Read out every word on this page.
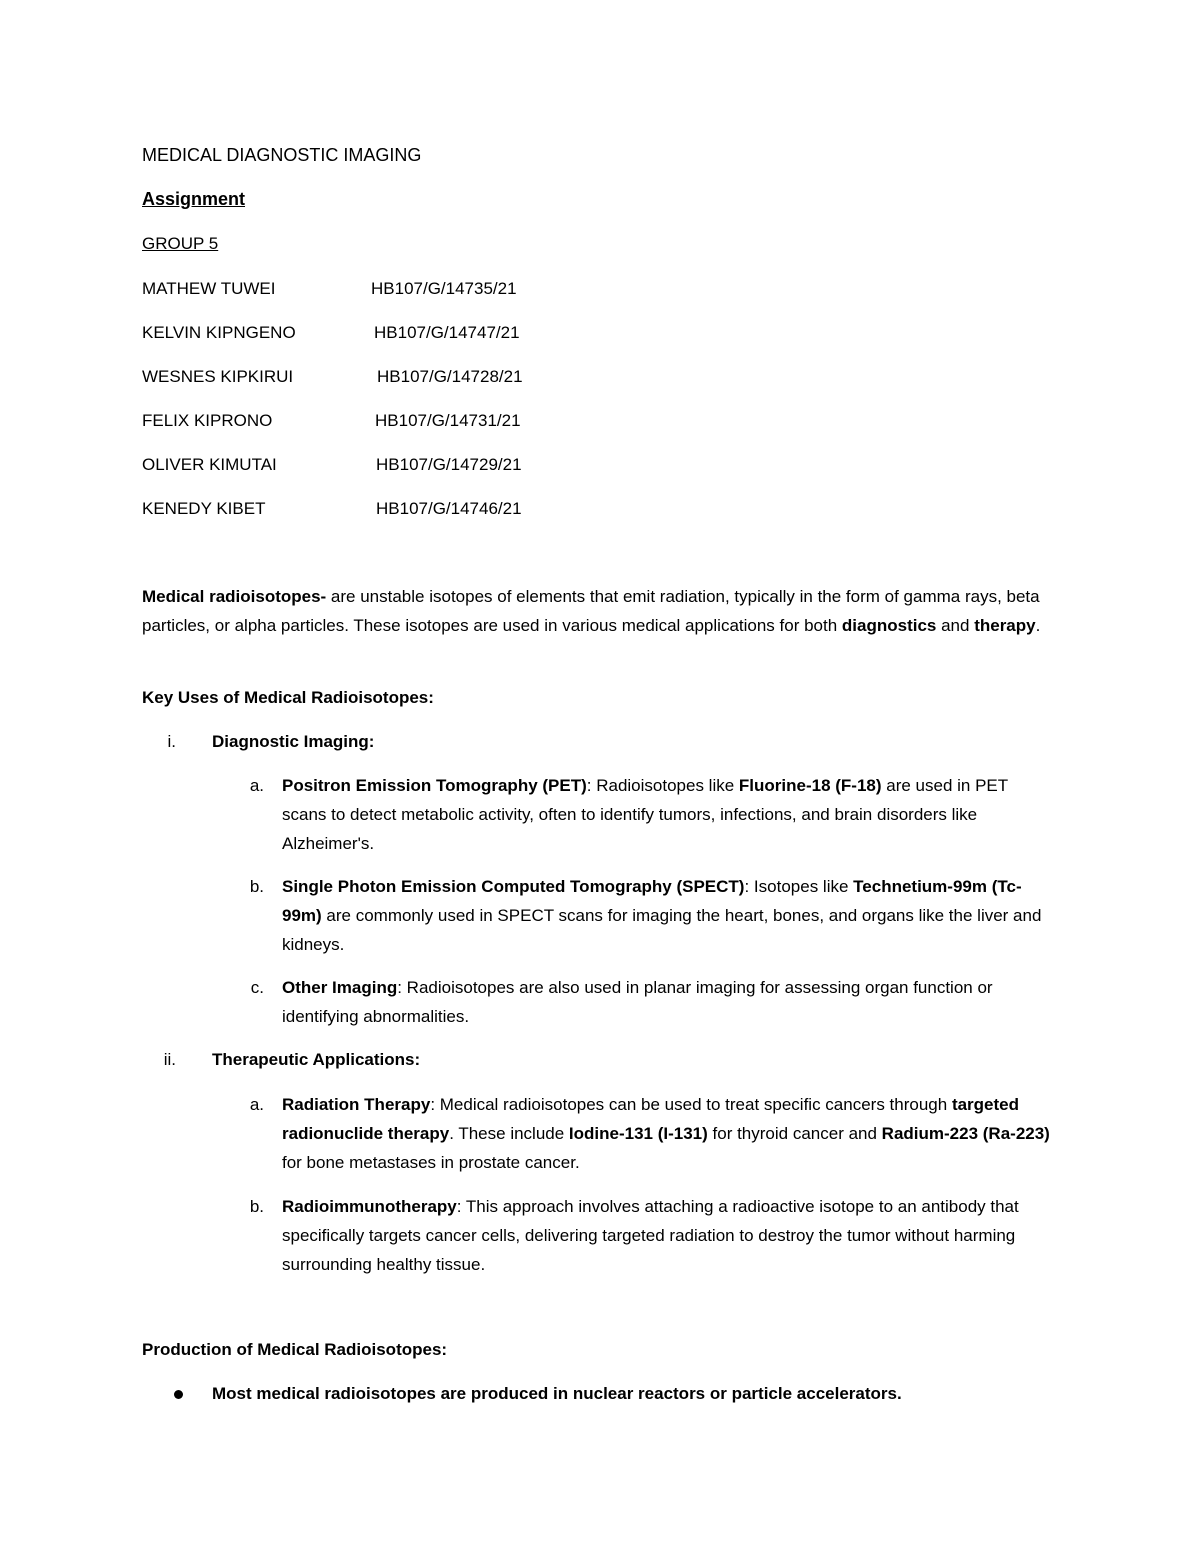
MEDICAL DIAGNOSTIC IMAGING
Assignment
GROUP 5
MATHEW TUWEI	HB107/G/14735/21
KELVIN KIPNGENO	HB107/G/14747/21
WESNES KIPKIRUI	HB107/G/14728/21
FELIX KIPRONO	HB107/G/14731/21
OLIVER KIMUTAI	HB107/G/14729/21
KENEDY KIBET	HB107/G/14746/21
Medical radioisotopes- are unstable isotopes of elements that emit radiation, typically in the form of gamma rays, beta particles, or alpha particles. These isotopes are used in various medical applications for both diagnostics and therapy.
Key Uses of Medical Radioisotopes:
i. Diagnostic Imaging:
a. Positron Emission Tomography (PET): Radioisotopes like Fluorine-18 (F-18) are used in PET scans to detect metabolic activity, often to identify tumors, infections, and brain disorders like Alzheimer's.
b. Single Photon Emission Computed Tomography (SPECT): Isotopes like Technetium-99m (Tc-99m) are commonly used in SPECT scans for imaging the heart, bones, and organs like the liver and kidneys.
c. Other Imaging: Radioisotopes are also used in planar imaging for assessing organ function or identifying abnormalities.
ii. Therapeutic Applications:
a. Radiation Therapy: Medical radioisotopes can be used to treat specific cancers through targeted radionuclide therapy. These include Iodine-131 (I-131) for thyroid cancer and Radium-223 (Ra-223) for bone metastases in prostate cancer.
b. Radioimmunotherapy: This approach involves attaching a radioactive isotope to an antibody that specifically targets cancer cells, delivering targeted radiation to destroy the tumor without harming surrounding healthy tissue.
Production of Medical Radioisotopes:
Most medical radioisotopes are produced in nuclear reactors or particle accelerators.
